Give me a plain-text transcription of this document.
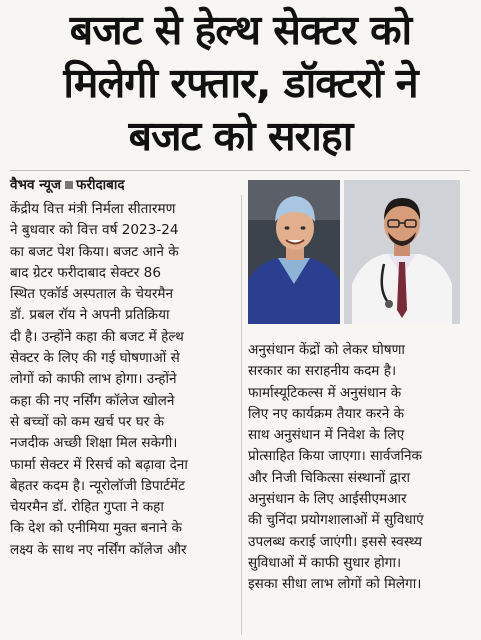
बजट से हेल्थ सेक्टर को
मिलेगी रफ्तार, डॉक्टरों ने
बजट को सराहा
वैभव न्यूज फरीदाबाद
केंद्रीय वित्त मंत्री निर्मला सीतारमण
ने बुधवार को वित्त वर्ष 2023-24
का बजट पेश किया। बजट आने के
बाद ग्रेटर फरीदाबाद सेक्टर 86
स्थित एकॉर्ड अस्पताल के चेयरमैन
डॉ. प्रबल रॉय ने अपनी प्रतिक्रिया
दी है। उन्होंने कहा की बजट में हेल्थ
सेक्टर के लिए की गई घोषणाओं से
लोगों को काफी लाभ होगा। उन्होंने
कहा की नए नर्सिंग कॉलेज खोलने
से बच्चों को कम खर्च पर घर के
नजदीक अच्छी शिक्षा मिल सकेगी।
फार्मा सेक्टर में रिसर्च को बढ़ावा देना
बेहतर कदम है। न्यूरोलॉजी डिपार्टमेंट
चेयरमैन डॉ. रोहित गुप्ता ने कहा
कि देश को एनीमिया मुक्त बनाने के
लक्ष्य के साथ नए नर्सिंग कॉलेज और
अनुसंधान केंद्रों को लेकर घोषणा
सरकार का सराहनीय कदम है।
फार्मास्यूटिकल्स में अनुसंधान के
लिए नए कार्यक्रम तैयार करने के
साथ अनुसंधान में निवेश के लिए
प्रोत्साहित किया जाएगा। सार्वजनिक
और निजी चिकित्सा संस्थानों द्वारा
अनुसंधान के लिए आईसीएमआर
की चुनिंदा प्रयोगशालाओं में सुविधाएं
उपलब्ध कराई जाएंगी। इससे स्वस्थ्य
सुविधाओं में काफी सुधार होगा।
इसका सीधा लाभ लोगों को मिलेगा।
